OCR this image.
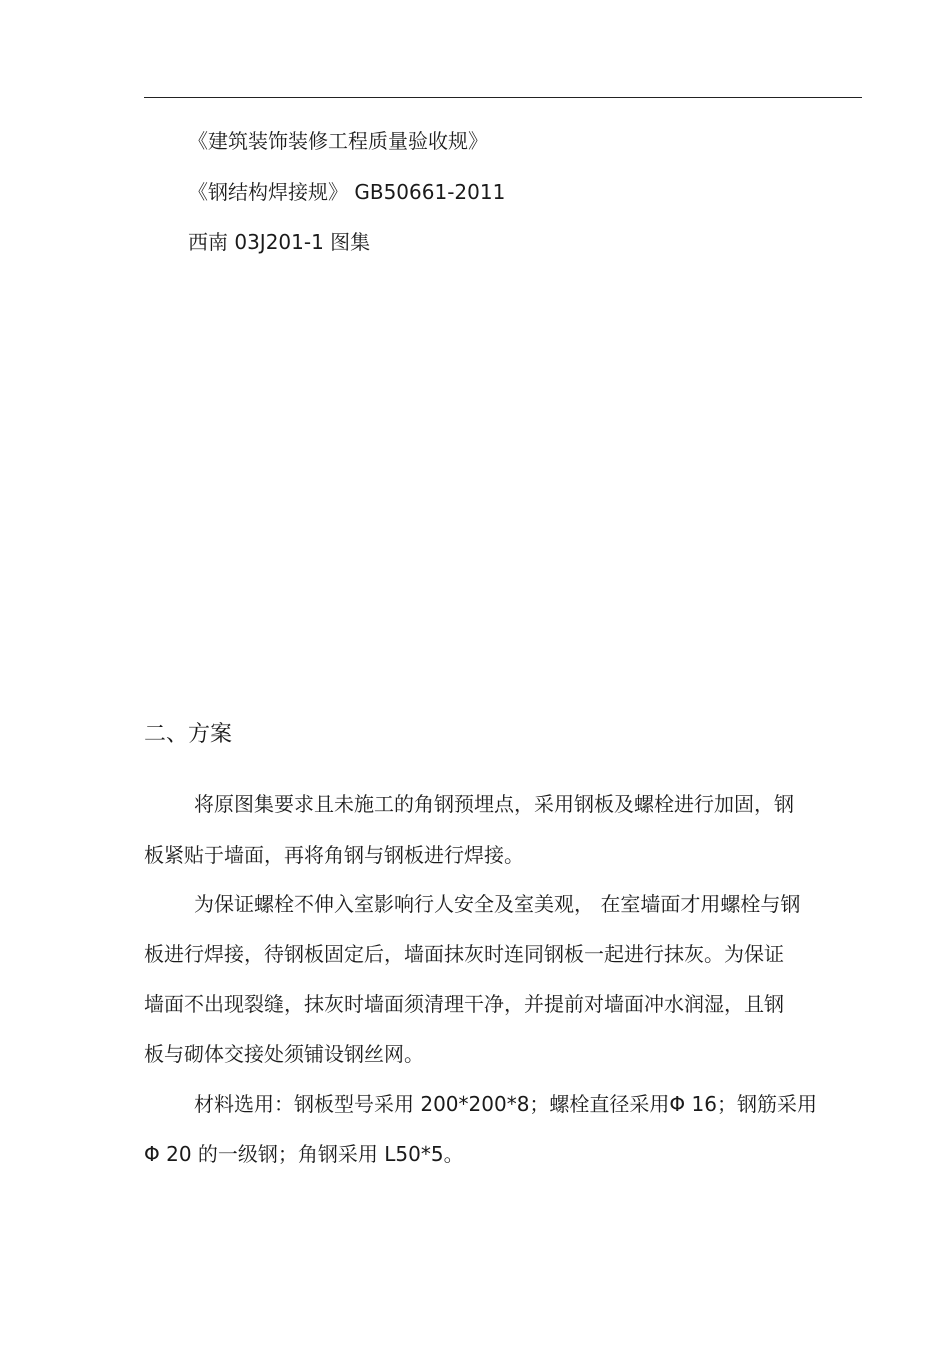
《建筑装饰装修工程质量验收规》
《钢结构焊接规》 GB50661-2011
西南 03J201-1 图集
二、方案
将原图集要求且未施工的角钢预埋点，采用钢板及螺栓进行加固，钢
板紧贴于墙面，再将角钢与钢板进行焊接。
为保证螺栓不伸入室影响行人安全及室美观， 在室墙面才用螺栓与钢
板进行焊接，待钢板固定后，墙面抹灰时连同钢板一起进行抹灰。为保证
墙面不出现裂缝，抹灰时墙面须清理干净，并提前对墙面冲水润湿，且钢
板与砌体交接处须铺设钢丝网。
材料选用：钢板型号采用 200*200*8；螺栓直径采用Φ 16；钢筋采用
Φ 20 的一级钢；角钢采用 L50*5。
